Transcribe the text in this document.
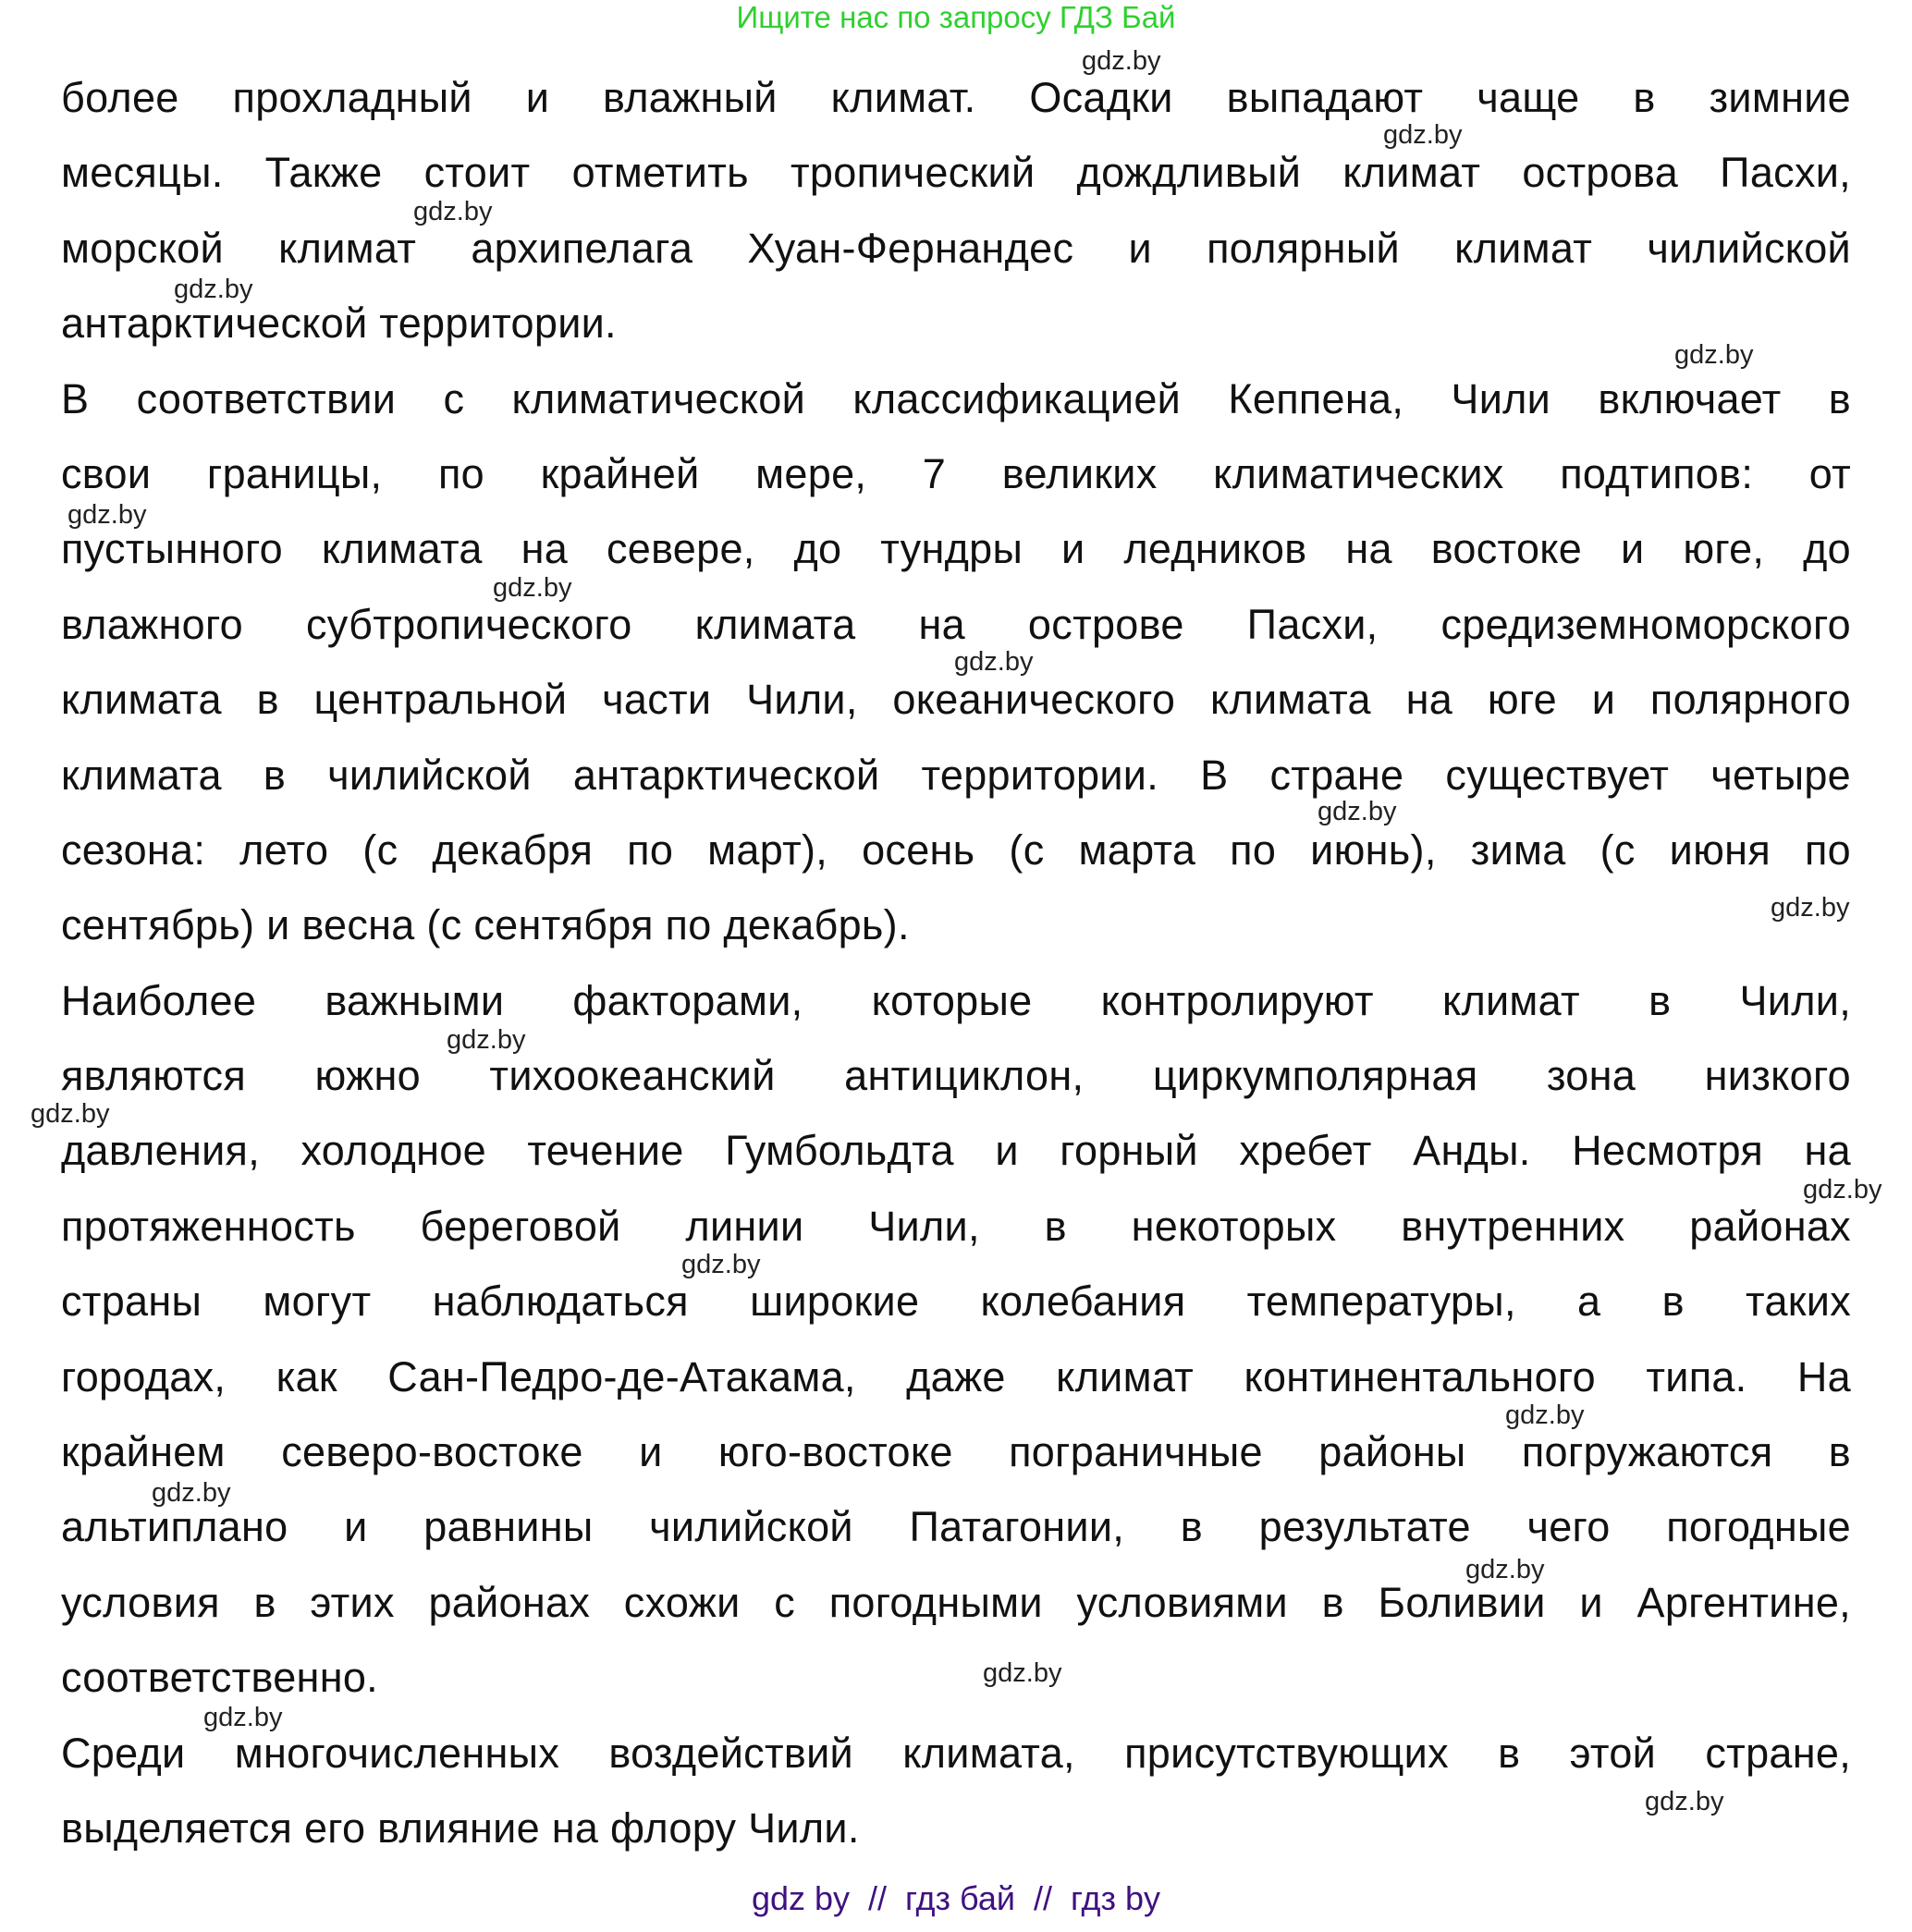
Ищите нас по запросу ГДЗ Бай
более прохладный и влажный климат. Осадки выпадают чаще в зимние
месяцы. Также стоит отметить тропический дождливый климат острова Пасхи,
морской климат архипелага Хуан-Фернандес и полярный климат чилийской
антарктической территории.
В соответствии с климатической классификацией Кеппена, Чили включает в
свои границы, по крайней мере, 7 великих климатических подтипов: от
пустынного климата на севере, до тундры и ледников на востоке и юге, до
влажного субтропического климата на острове Пасхи, средиземноморского
климата в центральной части Чили, океанического климата на юге и полярного
климата в чилийской антарктической территории. В стране существует четыре
сезона: лето (с декабря по март), осень (с марта по июнь), зима (с июня по
сентябрь) и весна (с сентября по декабрь).
Наиболее важными факторами, которые контролируют климат в Чили,
являются южно тихоокеанский антициклон, циркумполярная зона низкого
давления, холодное течение Гумбольдта и горный хребет Анды. Несмотря на
протяженность береговой линии Чили, в некоторых внутренних районах
страны могут наблюдаться широкие колебания температуры, а в таких
городах, как Сан-Педро-де-Атакама, даже климат континентального типа. На
крайнем северо-востоке и юго-востоке пограничные районы погружаются в
альтиплано и равнины чилийской Патагонии, в результате чего погодные
условия в этих районах схожи с погодными условиями в Боливии и Аргентине,
соответственно.
Среди многочисленных воздействий климата, присутствующих в этой стране,
выделяется его влияние на флору Чили.
gdz.by
gdz.by
gdz.by
gdz.by
gdz.by
gdz.by
gdz.by
gdz.by
gdz.by
gdz.by
gdz.by
gdz.by
gdz.by
gdz.by
gdz.by
gdz.by
gdz.by
gdz.by
gdz.by
gdz.by
gdz by  //  гдз бай  //  гдз by
